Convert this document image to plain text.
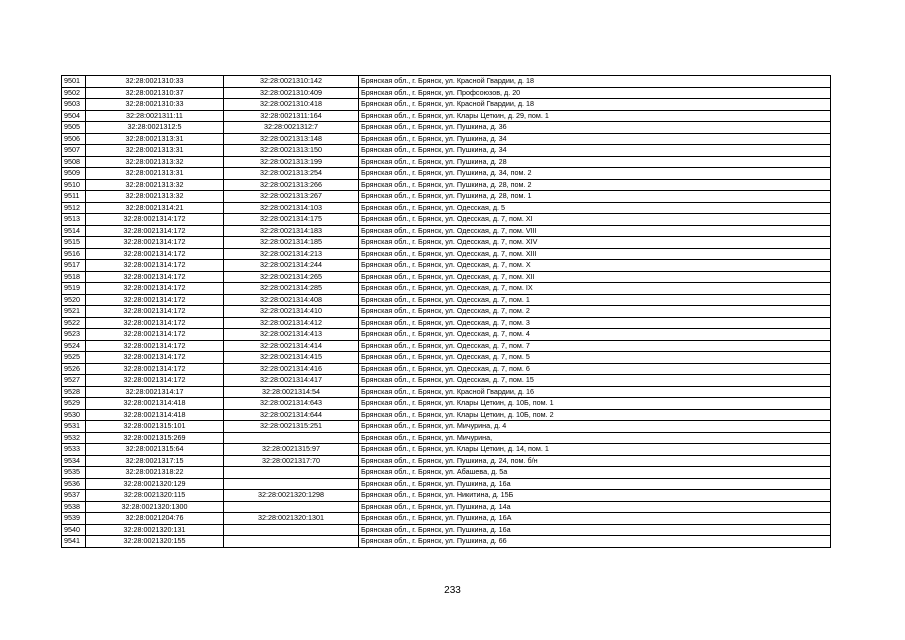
9501	32:28:0021310:33	32:28:0021310:142	Брянская обл., г. Брянск, ул. Красной Гвардии, д. 18
9502	32:28:0021310:37	32:28:0021310:409	Брянская обл., г. Брянск, ул. Профсоюзов, д. 20
9503	32:28:0021310:33	32:28:0021310:418	Брянская обл., г. Брянск, ул. Красной Гвардии, д. 18
9504	32:28:0021311:11	32:28:0021311:164	Брянская обл., г. Брянск, ул. Клары Цеткин, д. 29, пом. 1
9505	32:28:0021312:5	32:28:0021312:7	Брянская обл., г. Брянск, ул. Пушкина, д. 36
9506	32:28:0021313:31	32:28:0021313:148	Брянская обл., г. Брянск, ул. Пушкина, д. 34
9507	32:28:0021313:31	32:28:0021313:150	Брянская обл., г. Брянск, ул. Пушкина, д. 34
9508	32:28:0021313:32	32:28:0021313:199	Брянская обл., г. Брянск, ул. Пушкина, д. 28
9509	32:28:0021313:31	32:28:0021313:254	Брянская обл., г. Брянск, ул. Пушкина, д. 34, пом. 2
9510	32:28:0021313:32	32:28:0021313:266	Брянская обл., г. Брянск, ул. Пушкина, д. 28, пом. 2
9511	32:28:0021313:32	32:28:0021313:267	Брянская обл., г. Брянск, ул. Пушкина, д. 28, пом. 1
9512	32:28:0021314:21	32:28:0021314:103	Брянская обл., г. Брянск, ул. Одесская, д. 5
9513	32:28:0021314:172	32:28:0021314:175	Брянская обл., г. Брянск, ул. Одесская, д. 7, пом. XI
9514	32:28:0021314:172	32:28:0021314:183	Брянская обл., г. Брянск, ул. Одесская, д. 7, пом. VIII
9515	32:28:0021314:172	32:28:0021314:185	Брянская обл., г. Брянск, ул. Одесская, д. 7, пом. XIV
9516	32:28:0021314:172	32:28:0021314:213	Брянская обл., г. Брянск, ул. Одесская, д. 7, пом. XIII
9517	32:28:0021314:172	32:28:0021314:244	Брянская обл., г. Брянск, ул. Одесская, д. 7, пом. X
9518	32:28:0021314:172	32:28:0021314:265	Брянская обл., г. Брянск, ул. Одесская, д. 7, пом. XII
9519	32:28:0021314:172	32:28:0021314:285	Брянская обл., г. Брянск, ул. Одесская, д. 7, пом. IX
9520	32:28:0021314:172	32:28:0021314:408	Брянская обл., г. Брянск, ул. Одесская, д. 7, пом. 1
9521	32:28:0021314:172	32:28:0021314:410	Брянская обл., г. Брянск, ул. Одесская, д. 7, пом. 2
9522	32:28:0021314:172	32:28:0021314:412	Брянская обл., г. Брянск, ул. Одесская, д. 7, пом. 3
9523	32:28:0021314:172	32:28:0021314:413	Брянская обл., г. Брянск, ул. Одесская, д. 7, пом. 4
9524	32:28:0021314:172	32:28:0021314:414	Брянская обл., г. Брянск, ул. Одесская, д. 7, пом. 7
9525	32:28:0021314:172	32:28:0021314:415	Брянская обл., г. Брянск, ул. Одесская, д. 7, пом. 5
9526	32:28:0021314:172	32:28:0021314:416	Брянская обл., г. Брянск, ул. Одесская, д. 7, пом. 6
9527	32:28:0021314:172	32:28:0021314:417	Брянская обл., г. Брянск, ул. Одесская, д. 7, пом. 15
9528	32:28:0021314:17	32:28:0021314:54	Брянская обл., г. Брянск, ул. Красной Гвардии, д. 16
9529	32:28:0021314:418	32:28:0021314:643	Брянская обл., г. Брянск, ул. Клары Цеткин, д. 10Б, пом. 1
9530	32:28:0021314:418	32:28:0021314:644	Брянская обл., г. Брянск, ул. Клары Цеткин, д. 10Б, пом. 2
9531	32:28:0021315:101	32:28:0021315:251	Брянская обл., г. Брянск, ул. Мичурина, д. 4
9532	32:28:0021315:269		Брянская обл., г. Брянск, ул. Мичурина,
9533	32:28:0021315:64	32:28:0021315:97	Брянская обл., г. Брянск, ул. Клары Цеткин, д. 14, пом. 1
9534	32:28:0021317:15	32:28:0021317:70	Брянская обл., г. Брянск, ул. Пушкина, д. 24, пом. б/н
9535	32:28:0021318:22		Брянская обл., г. Брянск, ул. Абашева, д. 5а
9536	32:28:0021320:129		Брянская обл., г. Брянск, ул. Пушкина, д. 16а
9537	32:28:0021320:115	32:28:0021320:1298	Брянская обл., г. Брянск, ул. Никитина, д. 15Б
9538	32:28:0021320:1300		Брянская обл., г. Брянск, ул. Пушкина, д. 14а
9539	32:28:0021204:76	32:28:0021320:1301	Брянская обл., г. Брянск, ул. Пушкина, д. 16А
9540	32:28:0021320:131		Брянская обл., г. Брянск, ул. Пушкина, д. 16а
9541	32:28:0021320:155		Брянская обл., г. Брянск, ул. Пушкина, д. 66
233
